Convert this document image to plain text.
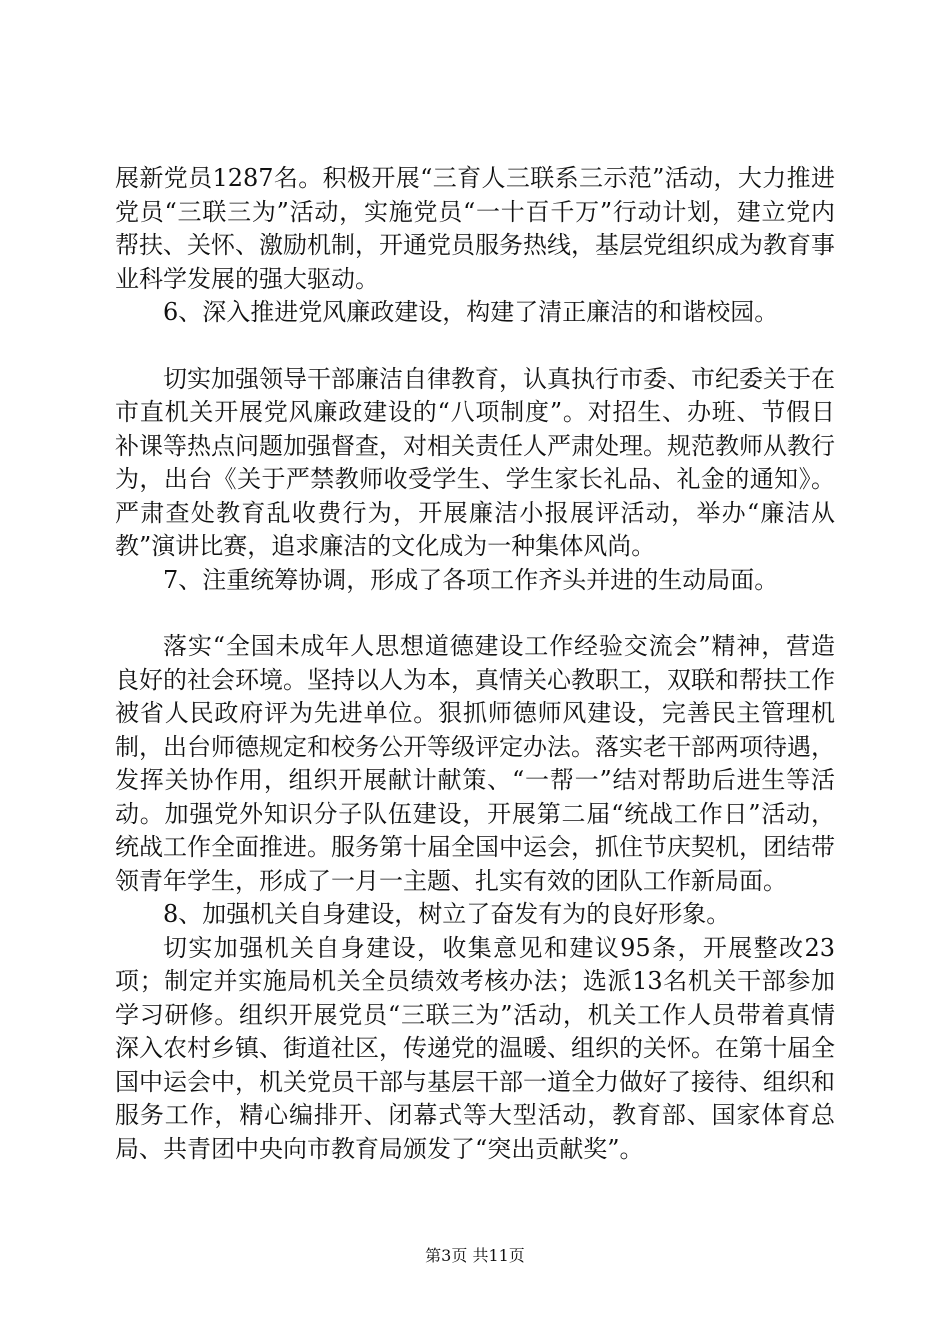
展新党员1287名。积极开展“三育人三联系三示范”活动，大力推进党员“三联三为”活动，实施党员“一十百千万”行动计划，建立党内帮扶、关怀、激励机制，开通党员服务热线，基层党组织成为教育事业科学发展的强大驱动。

6、深入推进党风廉政建设，构建了清正廉洁的和谐校园。

切实加强领导干部廉洁自律教育，认真执行市委、市纪委关于在市直机关开展党风廉政建设的“八项制度”。对招生、办班、节假日补课等热点问题加强督查，对相关责任人严肃处理。规范教师从教行为，出台《关于严禁教师收受学生、学生家长礼品、礼金的通知》。严肃查处教育乱收费行为，开展廉洁小报展评活动，举办“廉洁从教”演讲比赛，追求廉洁的文化成为一种集体风尚。

7、注重统筹协调，形成了各项工作齐头并进的生动局面。

落实“全国未成年人思想道德建设工作经验交流会”精神，营造良好的社会环境。坚持以人为本，真情关心教职工，双联和帮扶工作被省人民政府评为先进单位。狠抓师德师风建设，完善民主管理机制，出台师德规定和校务公开等级评定办法。落实老干部两项待遇，发挥关协作用，组织开展献计献策、“一帮一”结对帮助后进生等活动。加强党外知识分子队伍建设，开展第二届“统战工作日”活动，统战工作全面推进。服务第十届全国中运会，抓住节庆契机，团结带领青年学生，形成了一月一主题、扎实有效的团队工作新局面。

8、加强机关自身建设，树立了奋发有为的良好形象。

切实加强机关自身建设，收集意见和建议95条，开展整改23项；制定并实施局机关全员绩效考核办法；选派13名机关干部参加学习研修。组织开展党员“三联三为”活动，机关工作人员带着真情深入农村乡镇、街道社区，传递党的温暖、组织的关怀。在第十届全国中运会中，机关党员干部与基层干部一道全力做好了接待、组织和服务工作，精心编排开、闭幕式等大型活动，教育部、国家体育总局、共青团中央向市教育局颁发了“突出贡献奖”。

第3页 共11页
